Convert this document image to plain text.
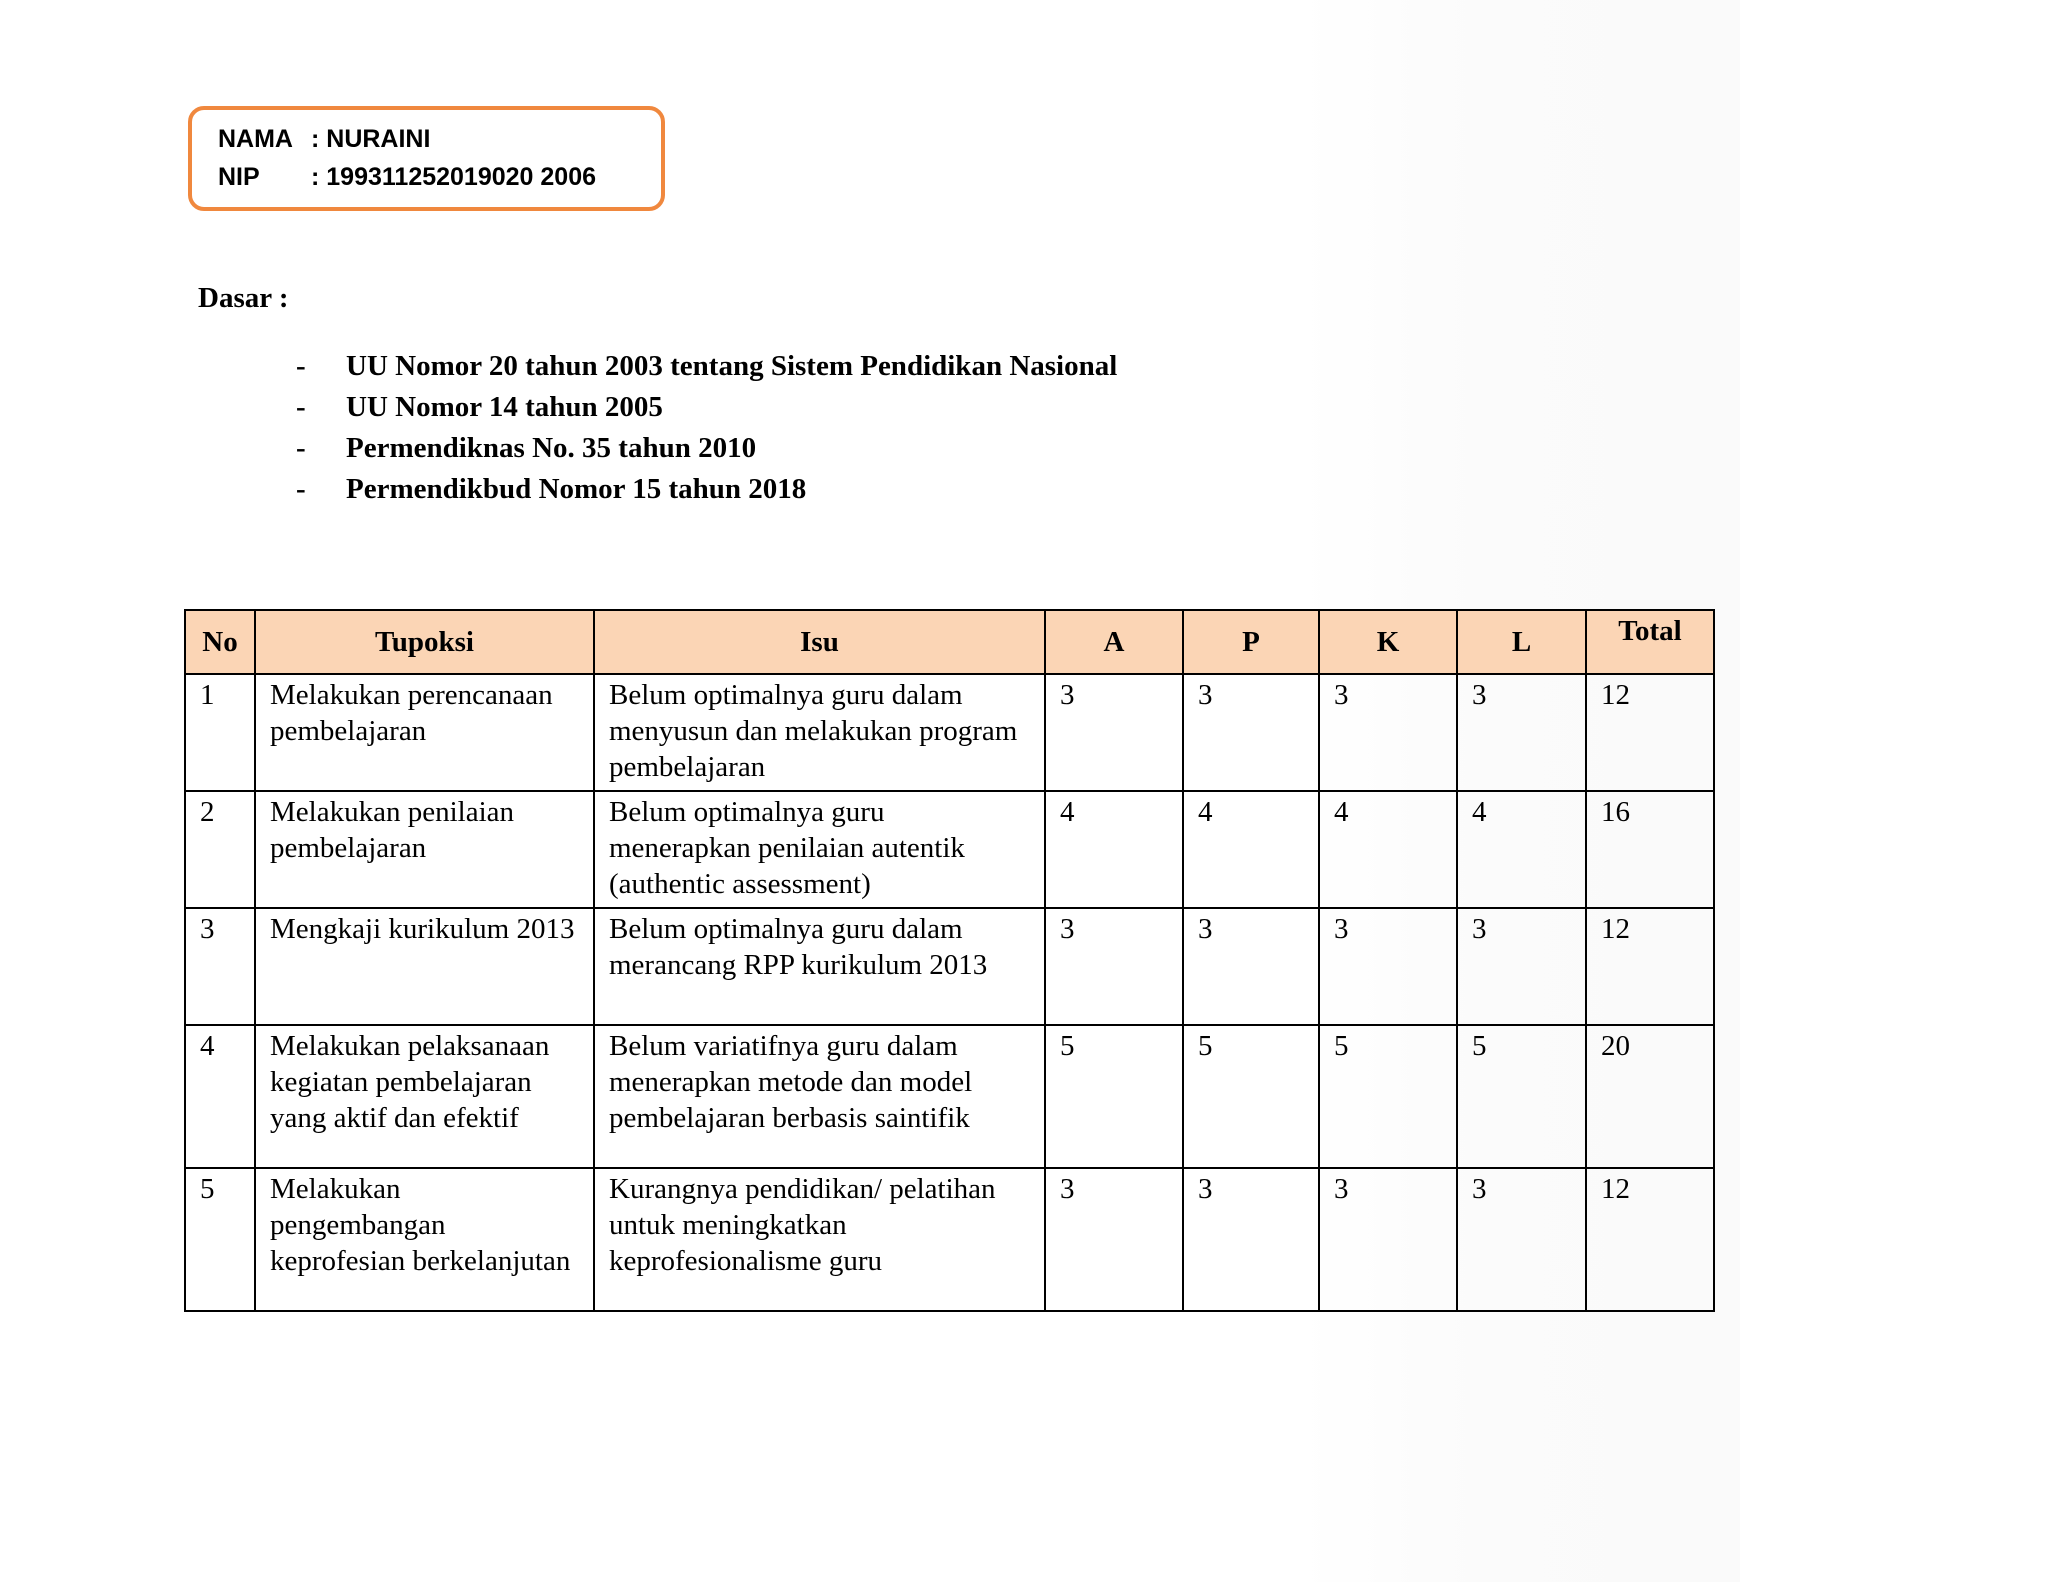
NAMA : NURAINI
NIP : 199311252019020 2006
Dasar :
- UU Nomor 20 tahun 2003 tentang Sistem Pendidikan Nasional
- UU Nomor 14 tahun 2005
- Permendiknas No. 35 tahun 2010
- Permendikbud Nomor 15 tahun 2018
No	Tupoksi	Isu	A	P	K	L	Total
1	Melakukan perencanaan pembelajaran	Belum optimalnya guru dalam menyusun dan melakukan program pembelajaran	3	3	3	3	12
2	Melakukan penilaian pembelajaran	Belum optimalnya guru menerapkan penilaian autentik (authentic assessment)	4	4	4	4	16
3	Mengkaji kurikulum 2013	Belum optimalnya guru dalam merancang RPP kurikulum 2013	3	3	3	3	12
4	Melakukan pelaksanaan kegiatan pembelajaran yang aktif dan efektif	Belum variatifnya guru dalam menerapkan metode dan model pembelajaran berbasis saintifik	5	5	5	5	20
5	Melakukan pengembangan keprofesian berkelanjutan	Kurangnya pendidikan/ pelatihan untuk meningkatkan keprofesionalisme guru	3	3	3	3	12
